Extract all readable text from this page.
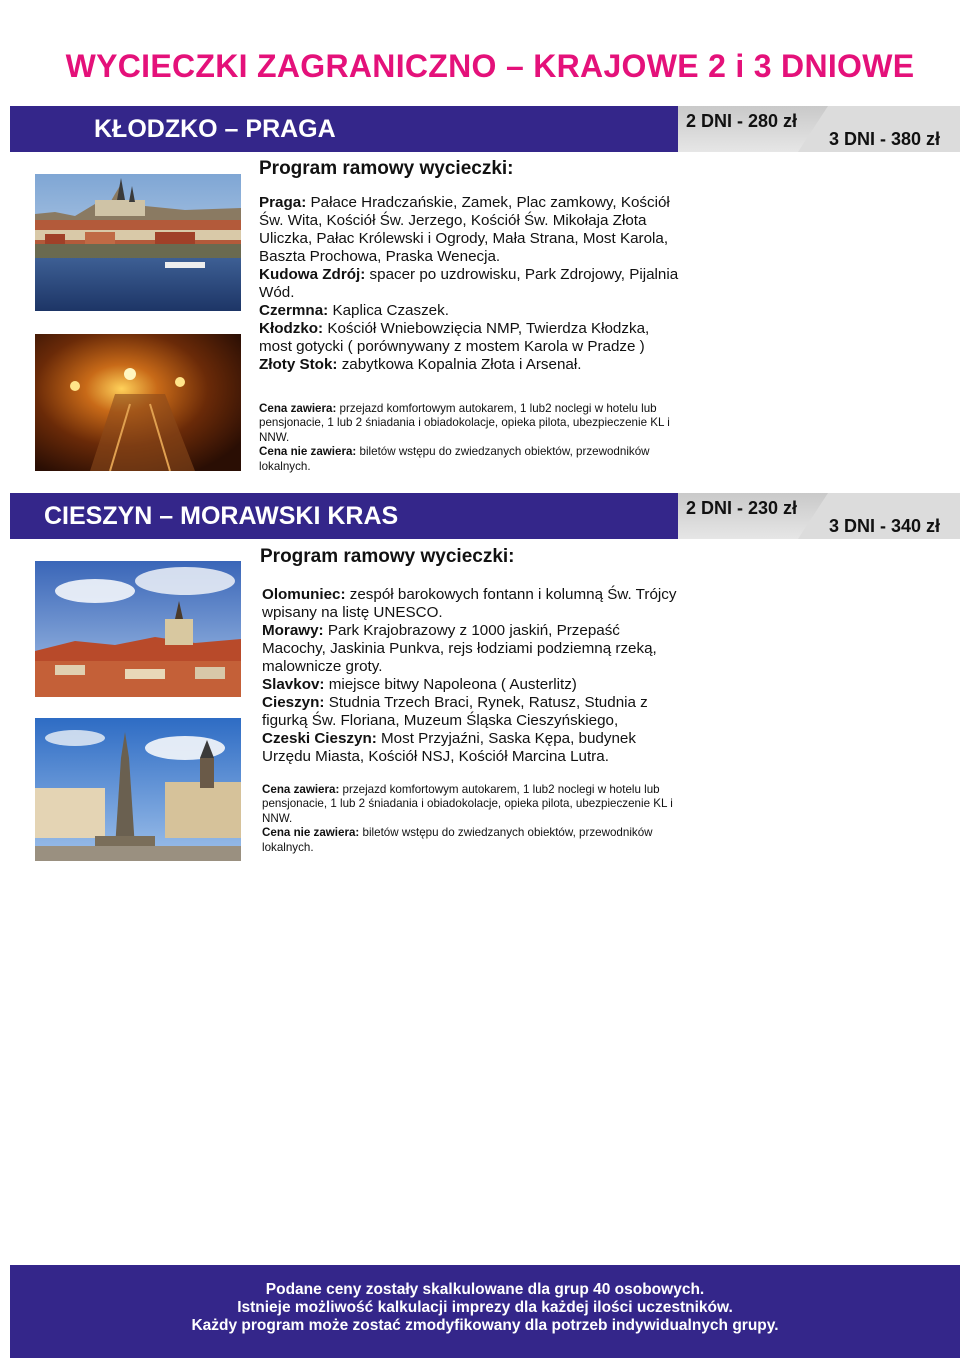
WYCIECZKI ZAGRANICZNO – KRAJOWE 2 i 3 DNIOWE
KŁODZKO – PRAGA	2 DNI - 280 zł
3 DNI - 380 zł
Program ramowy wycieczki:

Praga: Pałace Hradczańskie, Zamek, Plac zamkowy, Kościół Św. Wita, Kościół Św. Jerzego, Kościół Św. Mikołaja Złota Uliczka, Pałac Królewski i Ogrody, Mała Strana, Most Karola, Baszta Prochowa, Praska Wenecja.

Kudowa Zdrój: spacer po uzdrowisku, Park Zdrojowy, Pijalnia Wód.

Czermna: Kaplica Czaszek.

Kłodzko: Kościół Wniebowzięcia NMP, Twierdza Kłodzka, most gotycki ( porównywany z mostem Karola w Pradze )

Złoty Stok: zabytkowa Kopalnia Złota i Arsenał.

Cena zawiera: przejazd komfortowym autokarem, 1 lub2 noclegi w hotelu lub pensjonacie, 1 lub 2 śniadania i obiadokolacje, opieka pilota, ubezpieczenie KL i NNW.

Cena nie zawiera: biletów wstępu do zwiedzanych obiektów, przewodników lokalnych.

CIESZYN – MORAWSKI KRAS	2 DNI - 230 zł
3 DNI - 340 zł
Program ramowy wycieczki:

Olomuniec: zespół barokowych fontann i kolumną Św. Trójcy wpisany na listę UNESCO.

Morawy: Park Krajobrazowy z 1000 jaskiń, Przepaść Macochy, Jaskinia Punkva, rejs łodziami podziemną rzeką, malownicze groty.

Slavkov: miejsce bitwy Napoleona ( Austerlitz)

Cieszyn: Studnia Trzech Braci, Rynek, Ratusz, Studnia z figurką Św. Floriana, Muzeum Śląska Cieszyńskiego,

Czeski Cieszyn: Most Przyjaźni, Saska Kępa, budynek Urzędu Miasta, Kościół NSJ, Kościół Marcina Lutra.

Cena zawiera: przejazd komfortowym autokarem, 1 lub2 noclegi w hotelu lub pensjonacie, 1 lub 2 śniadania i obiadokolacje, opieka pilota, ubezpieczenie KL i NNW.

Cena nie zawiera: biletów wstępu do zwiedzanych obiektów, przewodników lokalnych.

Podane ceny zostały skalkulowane dla grup 40 osobowych.
Istnieje możliwość kalkulacji imprezy dla każdej ilości uczestników.
Każdy program może zostać zmodyfikowany dla potrzeb indywidualnych grupy.
